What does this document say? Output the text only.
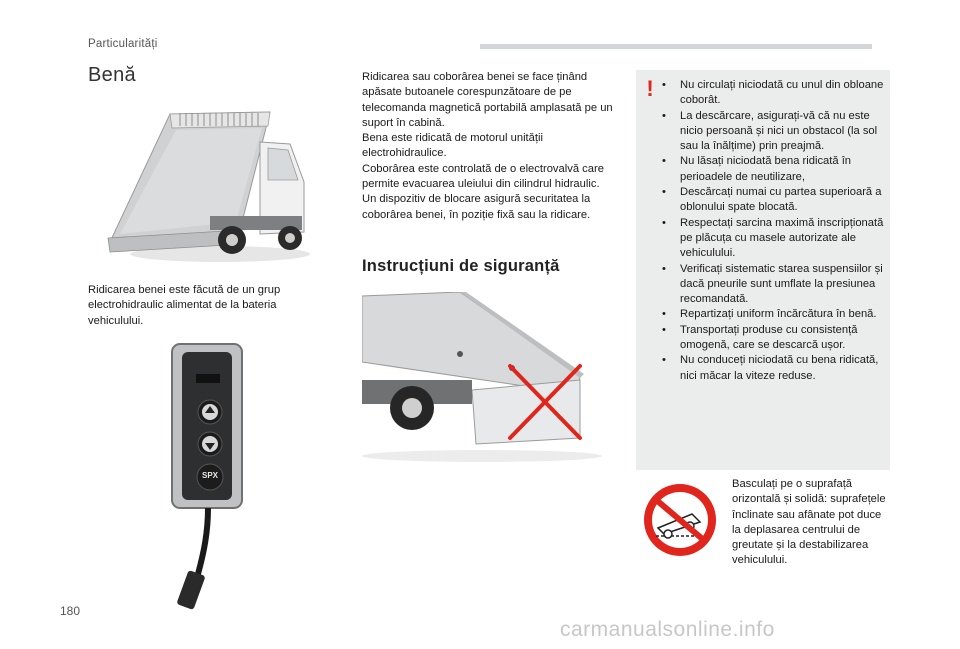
Particularități
Benă
Ridicarea benei este făcută de un grup electrohidraulic alimentat de la bateria vehiculului.
SPX

Ridicarea sau coborârea benei se face ținând apăsate butoanele corespunzătoare de pe telecomanda magnetică portabilă amplasată pe un suport în cabină.

Bena este ridicată de motorul unității electrohidraulice.

Coborârea este controlată de o electrovalvă care permite evacuarea uleiului din cilindrul hidraulic.

Un dispozitiv de blocare asigură securitatea la coborârea benei, în poziție fixă sau la ridicare.

Instrucțiuni de siguranță
! • Nu circulați niciodată cu unul din obloane coborât.
• La descărcare, asigurați-vă că nu este nicio persoană și nici un obstacol (la sol sau la înălțime) prin preajmă.
• Nu lăsați niciodată bena ridicată în perioadele de neutilizare,
• Descărcați numai cu partea superioară a oblonului spate blocată.
• Respectați sarcina maximă inscripționată pe plăcuța cu masele autorizate ale vehiculului.
• Verificați sistematic starea suspensiilor și dacă pneurile sunt umflate la presiunea recomandată.
• Repartizați uniform încărcătura în benă.
• Transportați produse cu consistență omogenă, care se descarcă ușor.
• Nu conduceți niciodată cu bena ridicată, nici măcar la viteze reduse.
Basculați pe o suprafață orizontală și solidă: suprafețele înclinate sau afânate pot duce la deplasarea centrului de greutate și la destabilizarea vehiculului.
180
carmanualsonline.info
